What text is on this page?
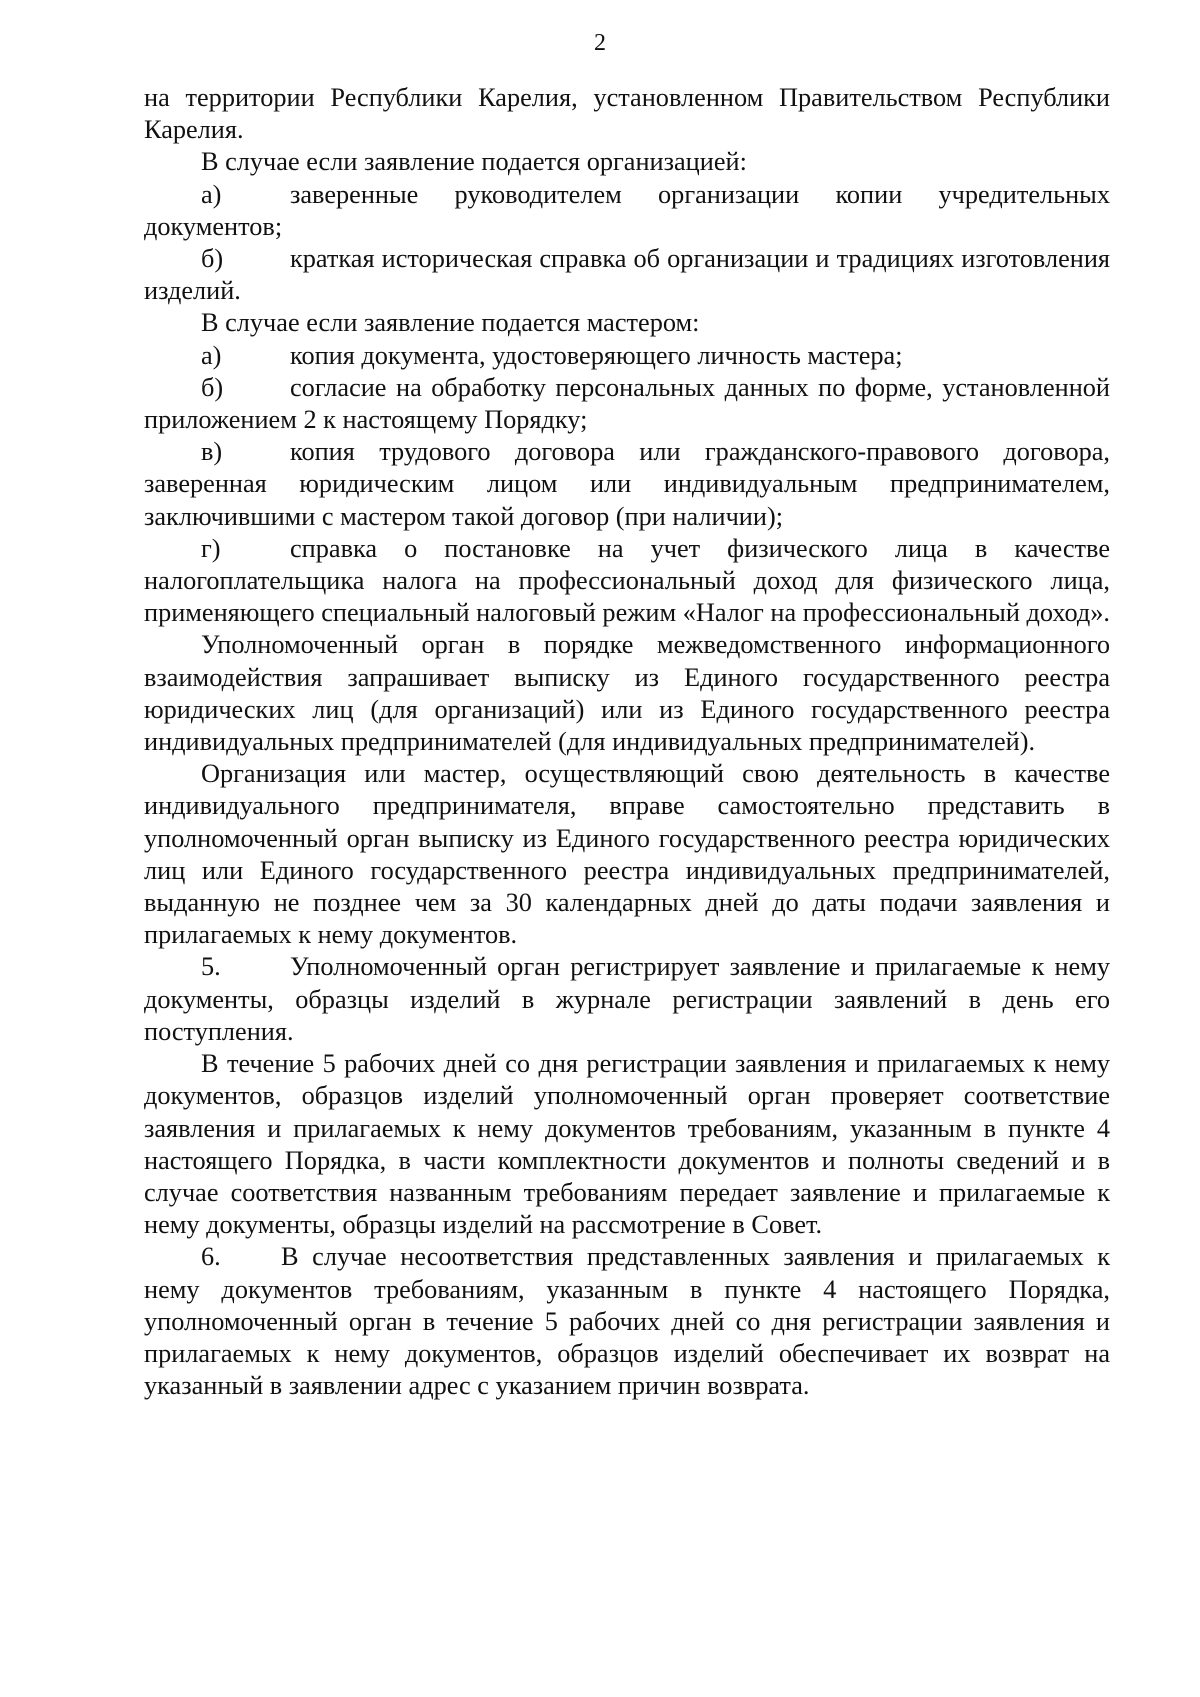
2

на территории Республики Карелия, установленном Правительством Республики Карелия.

В случае если заявление подается организацией:

а)	заверенные руководителем организации копии учредительных документов;

б)	краткая историческая справка об организации и традициях изготовления изделий.

В случае если заявление подается мастером:

а)	копия документа, удостоверяющего личность мастера;

б)	согласие на обработку персональных данных по форме, установленной приложением 2 к настоящему Порядку;

в)	копия трудового договора или гражданского-правового договора, заверенная юридическим лицом или индивидуальным предпринимателем, заключившими с мастером такой договор (при наличии);

г)	справка о постановке на учет физического лица в качестве налогоплательщика налога на профессиональный доход для физического лица, применяющего специальный налоговый режим «Налог на профессиональный доход».

Уполномоченный орган в порядке межведомственного информационного взаимодействия запрашивает выписку из Единого государственного реестра юридических лиц (для организаций) или из Единого государственного реестра индивидуальных предпринимателей (для индивидуальных предпринимателей).

Организация или мастер, осуществляющий свою деятельность в качестве индивидуального предпринимателя, вправе самостоятельно представить в уполномоченный орган выписку из Единого государственного реестра юридических лиц или Единого государственного реестра индивидуальных предпринимателей, выданную не позднее чем за 30 календарных дней до даты подачи заявления и прилагаемых к нему документов.

5.	Уполномоченный орган регистрирует заявление и прилагаемые к нему документы, образцы изделий в журнале регистрации заявлений в день его поступления.

В течение 5 рабочих дней со дня регистрации заявления и прилагаемых к нему документов, образцов изделий уполномоченный орган проверяет соответствие заявления и прилагаемых к нему документов требованиям, указанным в пункте 4 настоящего Порядка, в части комплектности документов и полноты сведений и в случае соответствия названным требованиям передает заявление и прилагаемые к нему документы, образцы изделий на рассмотрение в Совет.

6. В случае несоответствия представленных заявления и прилагаемых к нему документов требованиям, указанным в пункте 4 настоящего Порядка, уполномоченный орган в течение 5 рабочих дней со дня регистрации заявления и прилагаемых к нему документов, образцов изделий обеспечивает их возврат на указанный в заявлении адрес с указанием причин возврата.
